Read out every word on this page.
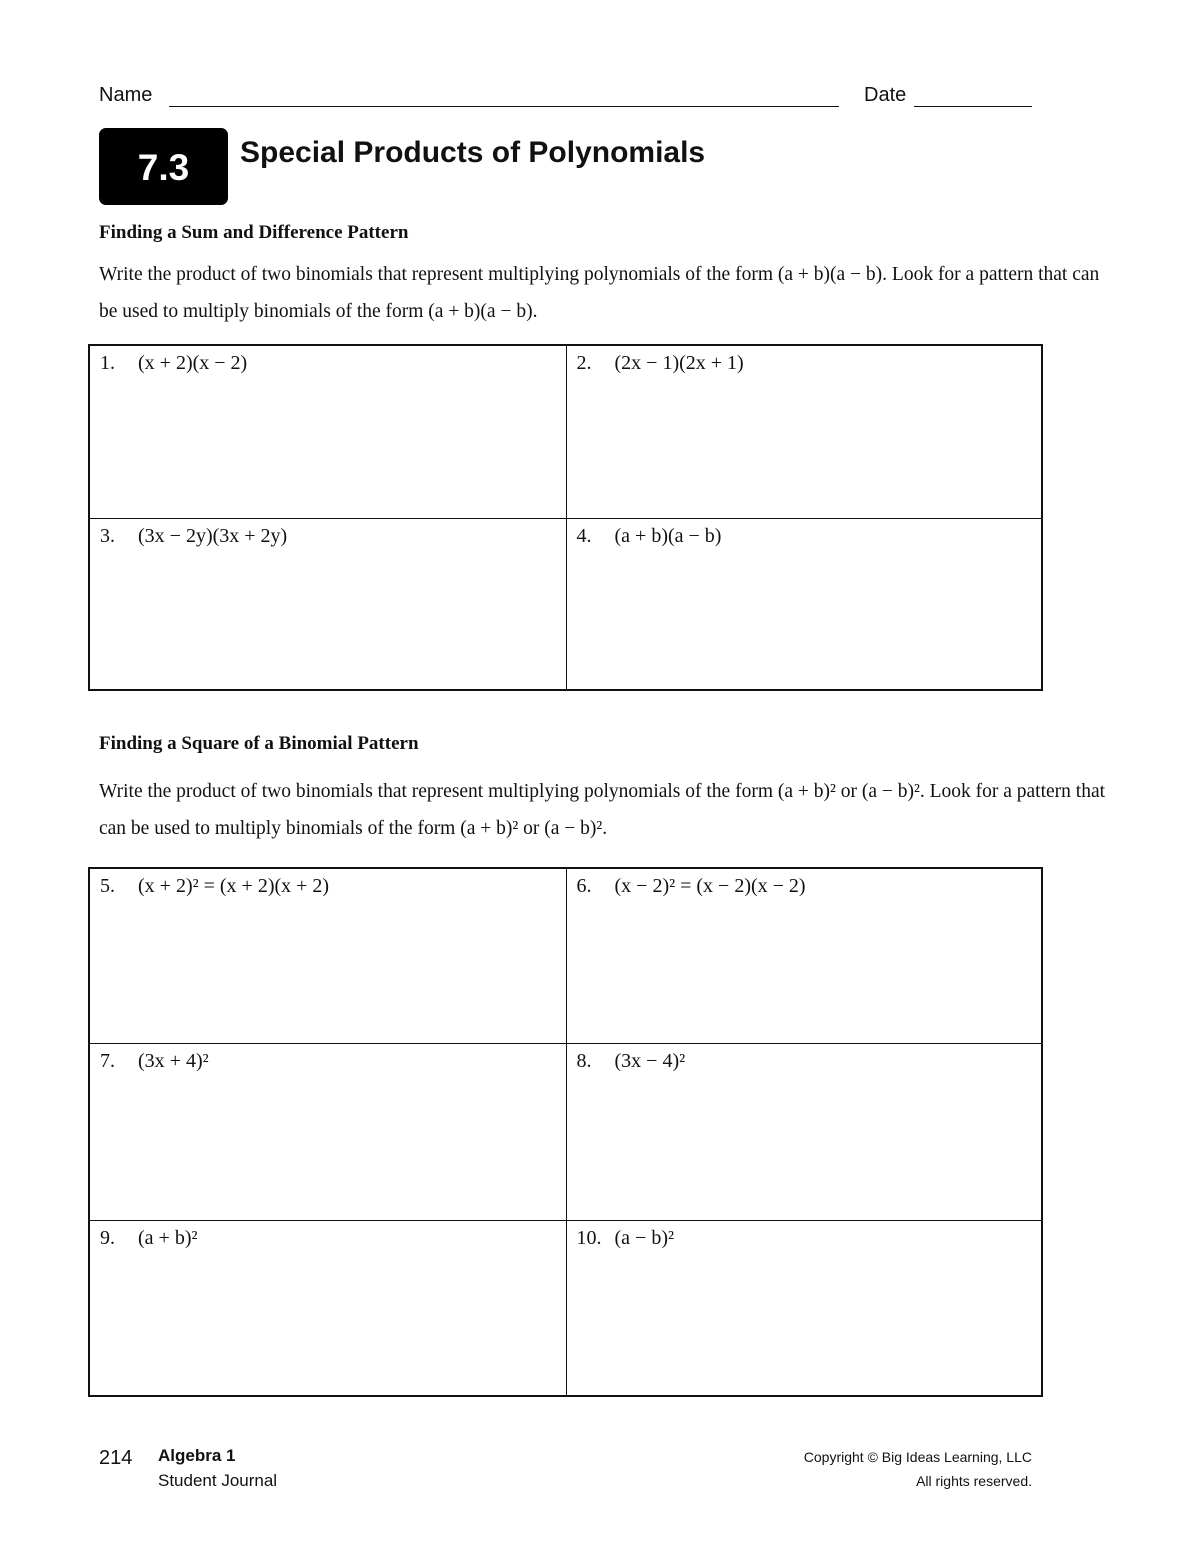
Name	Date
7.3	Special Products of Polynomials
Finding a Sum and Difference Pattern
Write the product of two binomials that represent multiplying polynomials of the form (a + b)(a − b). Look for a pattern that can be used to multiply binomials of the form (a + b)(a − b).
1. (x + 2)(x − 2)	2. (2x − 1)(2x + 1)
3. (3x − 2y)(3x + 2y)	4. (a + b)(a − b)
Finding a Square of a Binomial Pattern
Write the product of two binomials that represent multiplying polynomials of the form (a + b)² or (a − b)². Look for a pattern that can be used to multiply binomials of the form (a + b)² or (a − b)².
5. (x + 2)² = (x + 2)(x + 2)	6. (x − 2)² = (x − 2)(x − 2)
7. (3x + 4)²	8. (3x − 4)²
9. (a + b)²	10. (a − b)²
214 Algebra 1
Student Journal
Copyright © Big Ideas Learning, LLC
All rights reserved.
